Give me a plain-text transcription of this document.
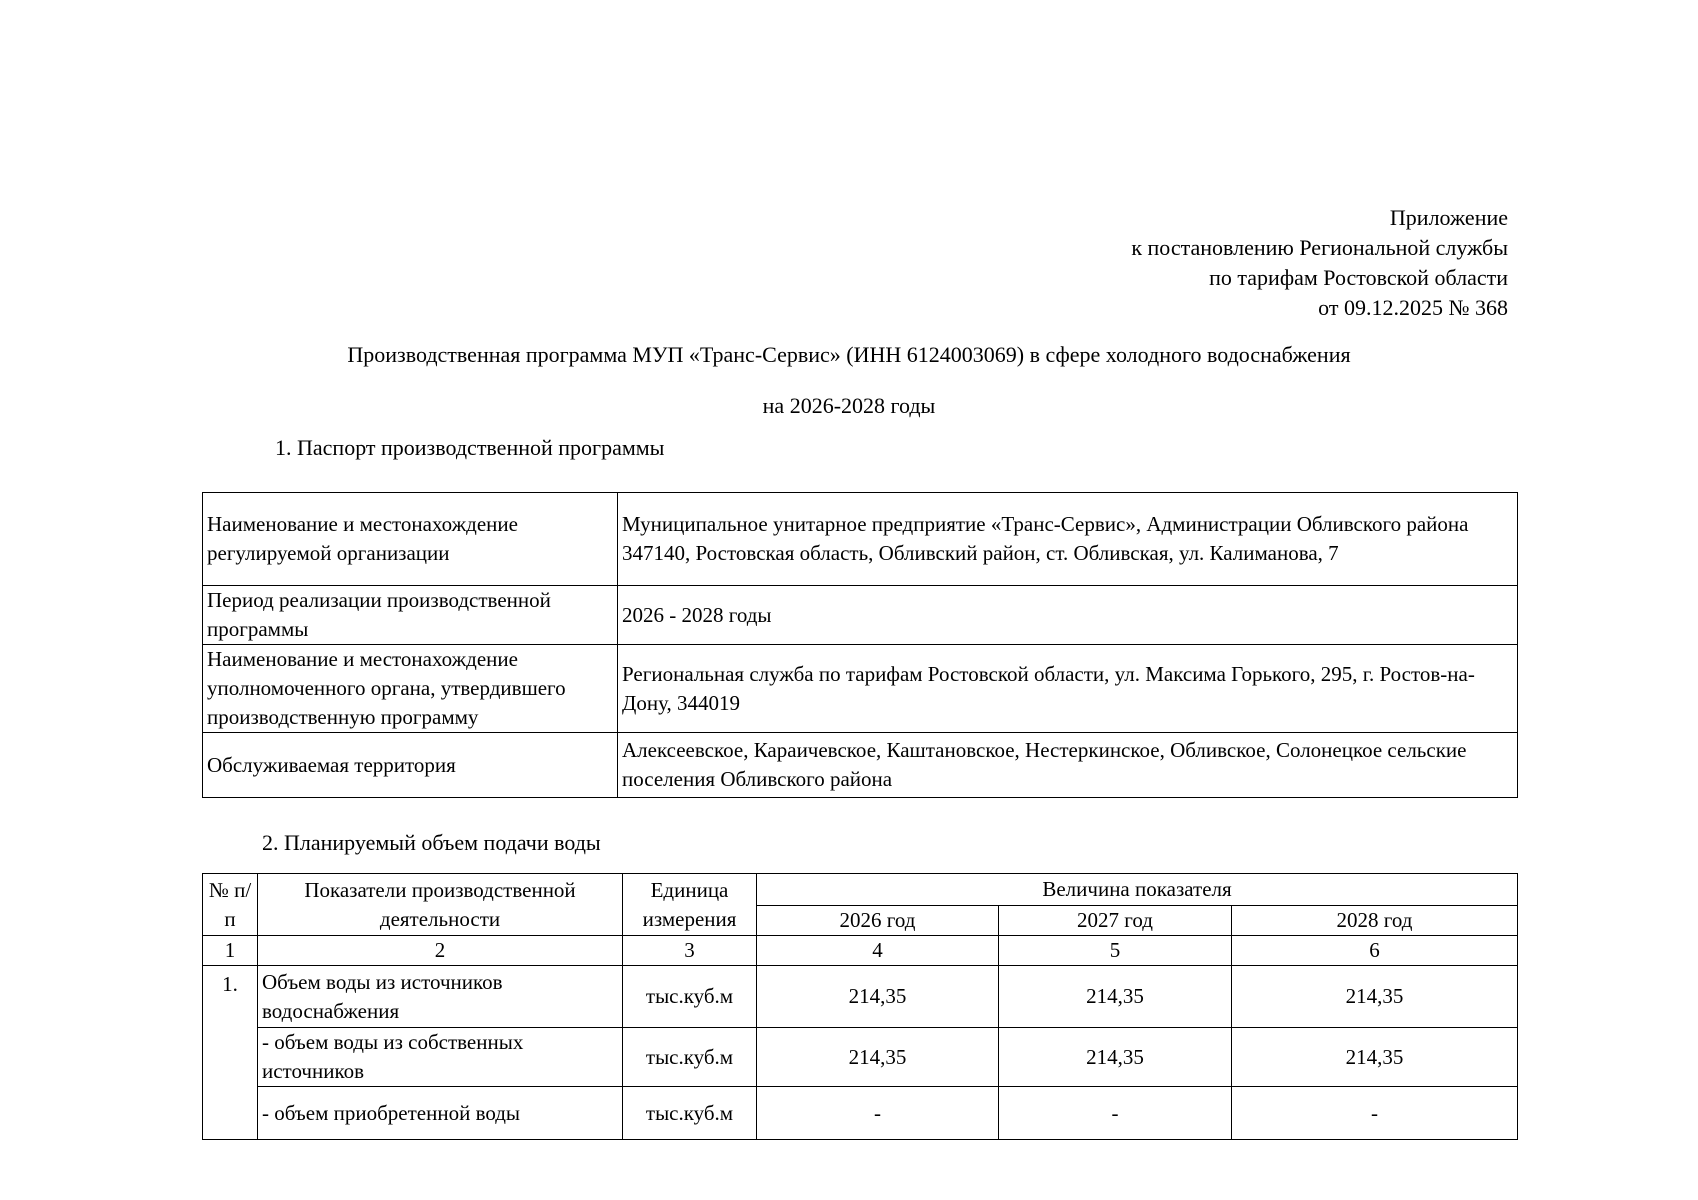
Приложение
к постановлению Региональной службы
по тарифам Ростовской области
от 09.12.2025 № 368
Производственная программа МУП «Транс-Сервис» (ИНН 6124003069) в сфере холодного водоснабжения
на 2026-2028 годы
1. Паспорт производственной программы
Наименование и местонахождение регулируемой организации	Муниципальное унитарное предприятие «Транс-Сервис», Администрации Обливского района 347140, Ростовская область, Обливский район, ст. Обливская, ул. Калиманова, 7
Период реализации производственной программы	2026 - 2028 годы
Наименование и местонахождение уполномоченного органа, утвердившего производственную программу	Региональная служба по тарифам Ростовской области, ул. Максима Горького, 295, г. Ростов-на-Дону, 344019
Обслуживаемая территория	Алексеевское, Караичевское, Каштановское, Нестеркинское, Обливское, Солонецкое сельские поселения Обливского района
2. Планируемый объем подачи воды
№ п/п	Показатели производственной деятельности	Единица измерения	Величина показателя		
			2026 год	2027 год	2028 год
1	2	3	4	5	6
1.	Объем воды из источников водоснабжения	тыс.куб.м	214,35	214,35	214,35
	- объем воды из собственных источников	тыс.куб.м	214,35	214,35	214,35
	- объем приобретенной воды	тыс.куб.м	-	-	-
